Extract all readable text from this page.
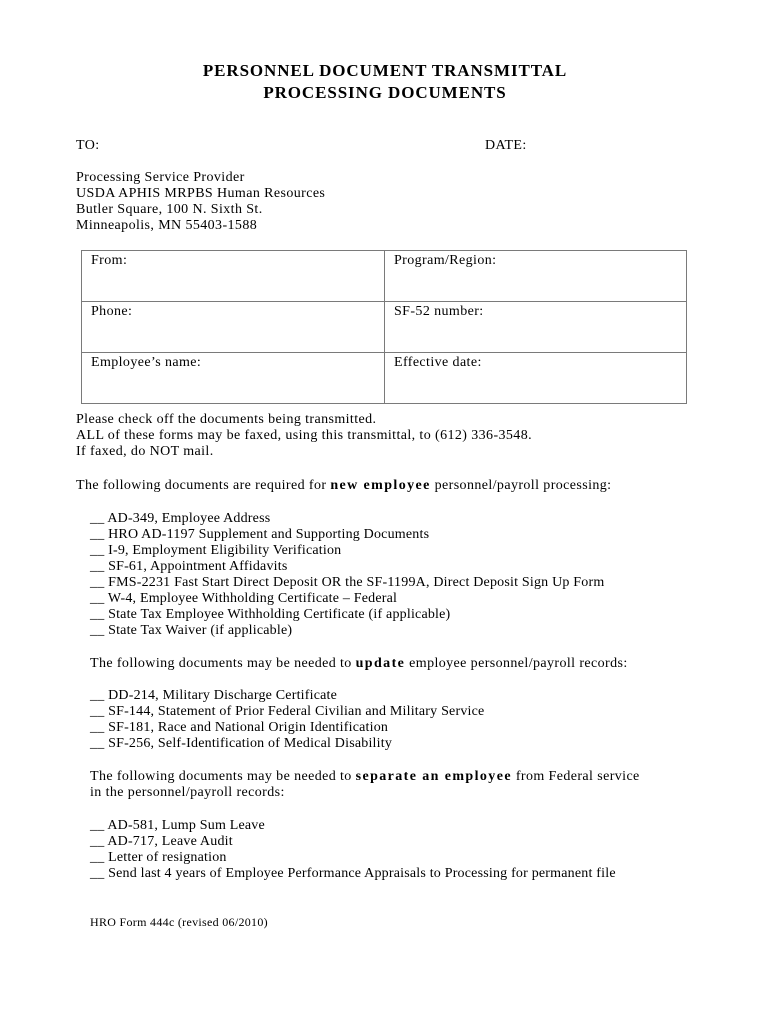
PERSONNEL DOCUMENT TRANSMITTAL
PROCESSING DOCUMENTS
TO:	DATE:
Processing Service Provider
USDA APHIS MRPBS Human Resources
Butler Square, 100 N. Sixth St.
Minneapolis, MN 55403-1588
From:	Program/Region:
Phone:	SF-52 number:
Employee’s name:	Effective date:
Please check off the documents being transmitted.
ALL of these forms may be faxed, using this transmittal, to (612) 336-3548.
If faxed, do NOT mail.
The following documents are required for new employee personnel/payroll processing:
__ AD-349, Employee Address
__ HRO AD-1197 Supplement and Supporting Documents
__ I-9, Employment Eligibility Verification
__ SF-61, Appointment Affidavits
__ FMS-2231 Fast Start Direct Deposit OR the SF-1199A, Direct Deposit Sign Up Form
__ W-4, Employee Withholding Certificate – Federal
__ State Tax Employee Withholding Certificate (if applicable)
__ State Tax Waiver (if applicable)
The following documents may be needed to update employee personnel/payroll records:
__ DD-214, Military Discharge Certificate
__ SF-144, Statement of Prior Federal Civilian and Military Service
__ SF-181, Race and National Origin Identification
__ SF-256, Self-Identification of Medical Disability
The following documents may be needed to separate an employee from Federal service
in the personnel/payroll records:
__ AD-581, Lump Sum Leave
__ AD-717, Leave Audit
__ Letter of resignation
__ Send last 4 years of Employee Performance Appraisals to Processing for permanent file
HRO Form 444c (revised 06/2010)
